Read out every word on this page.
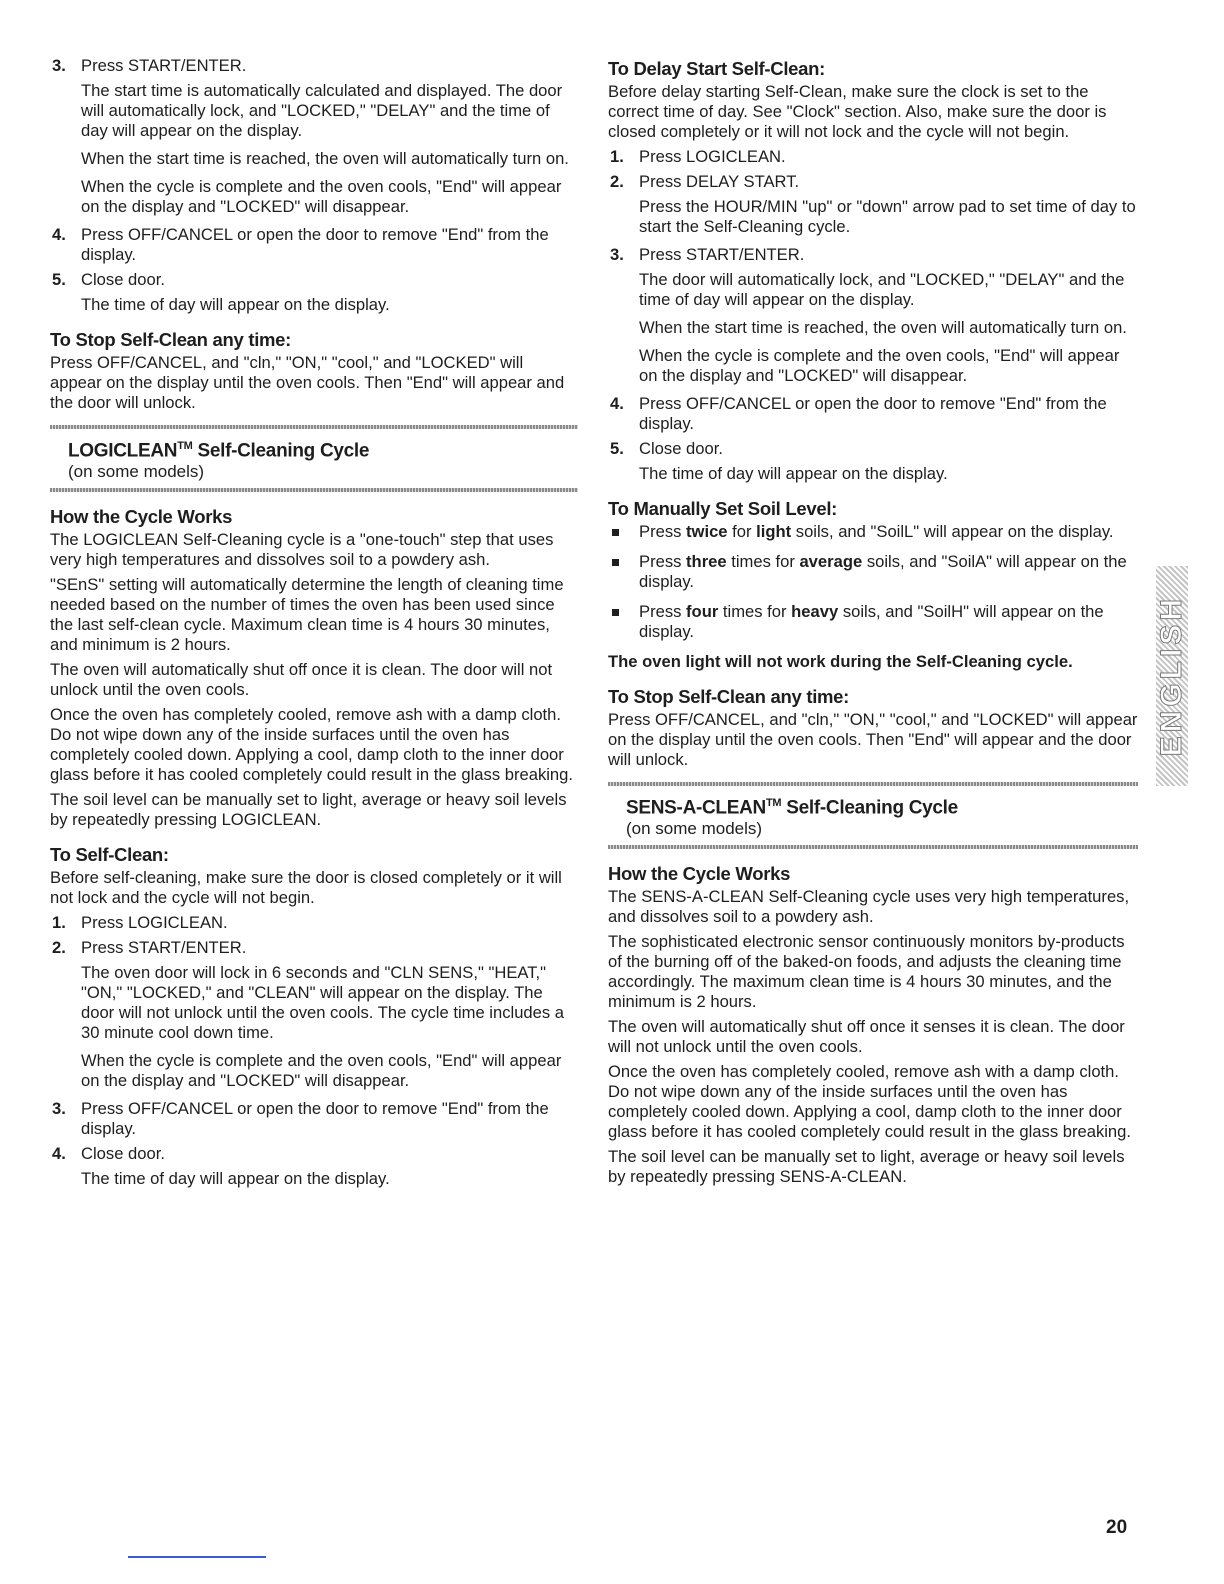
3. Press START/ENTER.
The start time is automatically calculated and displayed. The door will automatically lock, and "LOCKED," "DELAY" and the time of day will appear on the display.
When the start time is reached, the oven will automatically turn on.
When the cycle is complete and the oven cools, "End" will appear on the display and "LOCKED" will disappear.
4. Press OFF/CANCEL or open the door to remove "End" from the display.
5. Close door.
The time of day will appear on the display.
To Stop Self-Clean any time:

Press OFF/CANCEL, and "cln," "ON," "cool," and "LOCKED" will appear on the display until the oven cools. Then "End" will appear and the door will unlock.

LOGICLEAN™ Self-Cleaning Cycle
(on some models)
How the Cycle Works

The LOGICLEAN Self-Cleaning cycle is a "one-touch" step that uses very high temperatures and dissolves soil to a powdery ash.

"SEnS" setting will automatically determine the length of cleaning time needed based on the number of times the oven has been used since the last self-clean cycle. Maximum clean time is 4 hours 30 minutes, and minimum is 2 hours.

The oven will automatically shut off once it is clean. The door will not unlock until the oven cools.

Once the oven has completely cooled, remove ash with a damp cloth. Do not wipe down any of the inside surfaces until the oven has completely cooled down. Applying a cool, damp cloth to the inner door glass before it has cooled completely could result in the glass breaking.

The soil level can be manually set to light, average or heavy soil levels by repeatedly pressing LOGICLEAN.

To Self-Clean:

Before self-cleaning, make sure the door is closed completely or it will not lock and the cycle will not begin.

1. Press LOGICLEAN.
2. Press START/ENTER.
The oven door will lock in 6 seconds and "CLN SENS," "HEAT," "ON," "LOCKED," and "CLEAN" will appear on the display. The door will not unlock until the oven cools. The cycle time includes a 30 minute cool down time.
When the cycle is complete and the oven cools, "End" will appear on the display and "LOCKED" will disappear.
3. Press OFF/CANCEL or open the door to remove "End" from the display.
4. Close door.
The time of day will appear on the display.
To Delay Start Self-Clean:

Before delay starting Self-Clean, make sure the clock is set to the correct time of day. See "Clock" section. Also, make sure the door is closed completely or it will not lock and the cycle will not begin.

1. Press LOGICLEAN.
2. Press DELAY START.
Press the HOUR/MIN "up" or "down" arrow pad to set time of day to start the Self-Cleaning cycle.
3. Press START/ENTER.
The door will automatically lock, and "LOCKED," "DELAY" and the time of day will appear on the display.
When the start time is reached, the oven will automatically turn on.
When the cycle is complete and the oven cools, "End" will appear on the display and "LOCKED" will disappear.
4. Press OFF/CANCEL or open the door to remove "End" from the display.
5. Close door.
The time of day will appear on the display.
To Manually Set Soil Level:
Press twice for light soils, and "SoilL" will appear on the display.
Press three times for average soils, and "SoilA" will appear on the display.
Press four times for heavy soils, and "SoilH" will appear on the display.
The oven light will not work during the Self-Cleaning cycle.
To Stop Self-Clean any time:

Press OFF/CANCEL, and "cln," "ON," "cool," and "LOCKED" will appear on the display until the oven cools. Then "End" will appear and the door will unlock.

SENS-A-CLEAN™ Self-Cleaning Cycle
(on some models)
How the Cycle Works

The SENS-A-CLEAN Self-Cleaning cycle uses very high temperatures, and dissolves soil to a powdery ash.

The sophisticated electronic sensor continuously monitors by-products of the burning off of the baked-on foods, and adjusts the cleaning time accordingly. The maximum clean time is 4 hours 30 minutes, and the minimum is 2 hours.

The oven will automatically shut off once it senses it is clean. The door will not unlock until the oven cools.

Once the oven has completely cooled, remove ash with a damp cloth. Do not wipe down any of the inside surfaces until the oven has completely cooled down. Applying a cool, damp cloth to the inner door glass before it has cooled completely could result in the glass breaking.

The soil level can be manually set to light, average or heavy soil levels by repeatedly pressing SENS-A-CLEAN.

ENGLISH
20
